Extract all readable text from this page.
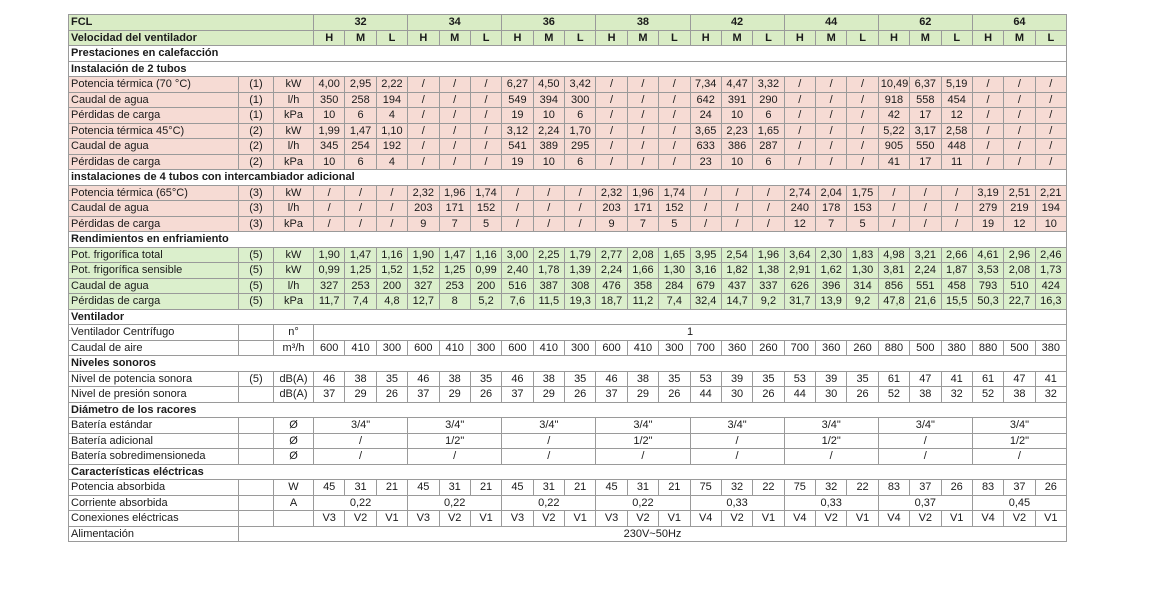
FCL			32			34			36			38			42			44			62			64		
Velocidad del ventilador			H	M	L	H	M	L	H	M	L	H	M	L	H	M	L	H	M	L	H	M	L	H	M	L
Prestaciones en calefacción																										
Instalación de 2 tubos																										
Potencia térmica (70 °C)	(1)	kW	4,00	2,95	2,22	/	/	/	6,27	4,50	3,42	/	/	/	7,34	4,47	3,32	/	/	/	10,49	6,37	5,19	/	/	/
Caudal de agua	(1)	l/h	350	258	194	/	/	/	549	394	300	/	/	/	642	391	290	/	/	/	918	558	454	/	/	/
Pérdidas de carga	(1)	kPa	10	6	4	/	/	/	19	10	6	/	/	/	24	10	6	/	/	/	42	17	12	/	/	/
Potencia térmica 45°C)	(2)	kW	1,99	1,47	1,10	/	/	/	3,12	2,24	1,70	/	/	/	3,65	2,23	1,65	/	/	/	5,22	3,17	2,58	/	/	/
Caudal de agua	(2)	l/h	345	254	192	/	/	/	541	389	295	/	/	/	633	386	287	/	/	/	905	550	448	/	/	/
Pérdidas de carga	(2)	kPa	10	6	4	/	/	/	19	10	6	/	/	/	23	10	6	/	/	/	41	17	11	/	/	/
instalaciones de 4 tubos con intercambiador adicional																										
Potencia térmica (65°C)	(3)	kW	/	/	/	2,32	1,96	1,74	/	/	/	2,32	1,96	1,74	/	/	/	2,74	2,04	1,75	/	/	/	3,19	2,51	2,21
Caudal de agua	(3)	l/h	/	/	/	203	171	152	/	/	/	203	171	152	/	/	/	240	178	153	/	/	/	279	219	194
Pérdidas de carga	(3)	kPa	/	/	/	9	7	5	/	/	/	9	7	5	/	/	/	12	7	5	/	/	/	19	12	10
Rendimientos en enfriamiento																										
Pot. frigorífica total	(5)	kW	1,90	1,47	1,16	1,90	1,47	1,16	3,00	2,25	1,79	2,77	2,08	1,65	3,95	2,54	1,96	3,64	2,30	1,83	4,98	3,21	2,66	4,61	2,96	2,46
Pot. frigorífica sensible	(5)	kW	0,99	1,25	1,52	1,52	1,25	0,99	2,40	1,78	1,39	2,24	1,66	1,30	3,16	1,82	1,38	2,91	1,62	1,30	3,81	2,24	1,87	3,53	2,08	1,73
Caudal de agua	(5)	l/h	327	253	200	327	253	200	516	387	308	476	358	284	679	437	337	626	396	314	856	551	458	793	510	424
Pérdidas de carga	(5)	kPa	11,7	7,4	4,8	12,7	8	5,2	7,6	11,5	19,3	18,7	11,2	7,4	32,4	14,7	9,2	31,7	13,9	9,2	47,8	21,6	15,5	50,3	22,7	16,3
Ventilador																										
Ventilador Centrífugo		n°	1																							
Caudal de aire		m³/h	600	410	300	600	410	300	600	410	300	600	410	300	700	360	260	700	360	260	880	500	380	880	500	380
Niveles sonoros																										
Nivel de potencia sonora	(5)	dB(A)	46	38	35	46	38	35	46	38	35	46	38	35	53	39	35	53	39	35	61	47	41	61	47	41
Nivel de presión sonora		dB(A)	37	29	26	37	29	26	37	29	26	37	29	26	44	30	26	44	30	26	52	38	32	52	38	32
Diámetro de los racores																										
Batería estándar		Ø	3/4"			3/4"			3/4"			3/4"			3/4"			3/4"			3/4"			3/4"		
Batería adicional		Ø	/			1/2"			/			1/2"			/			1/2"			/			1/2"		
Batería sobredimensioneda		Ø	/			/			/			/			/			/			/			/		
Características eléctricas																										
Potencia absorbida		W	45	31	21	45	31	21	45	31	21	45	31	21	75	32	22	75	32	22	83	37	26	83	37	26
Corriente absorbida		A	0,22			0,22			0,22			0,22			0,33			0,33			0,37			0,45		
Conexiones eléctricas			V3	V2	V1	V3	V2	V1	V3	V2	V1	V3	V2	V1	V4	V2	V1	V4	V2	V1	V4	V2	V1	V4	V2	V1
Alimentación	230V~50Hz																									
